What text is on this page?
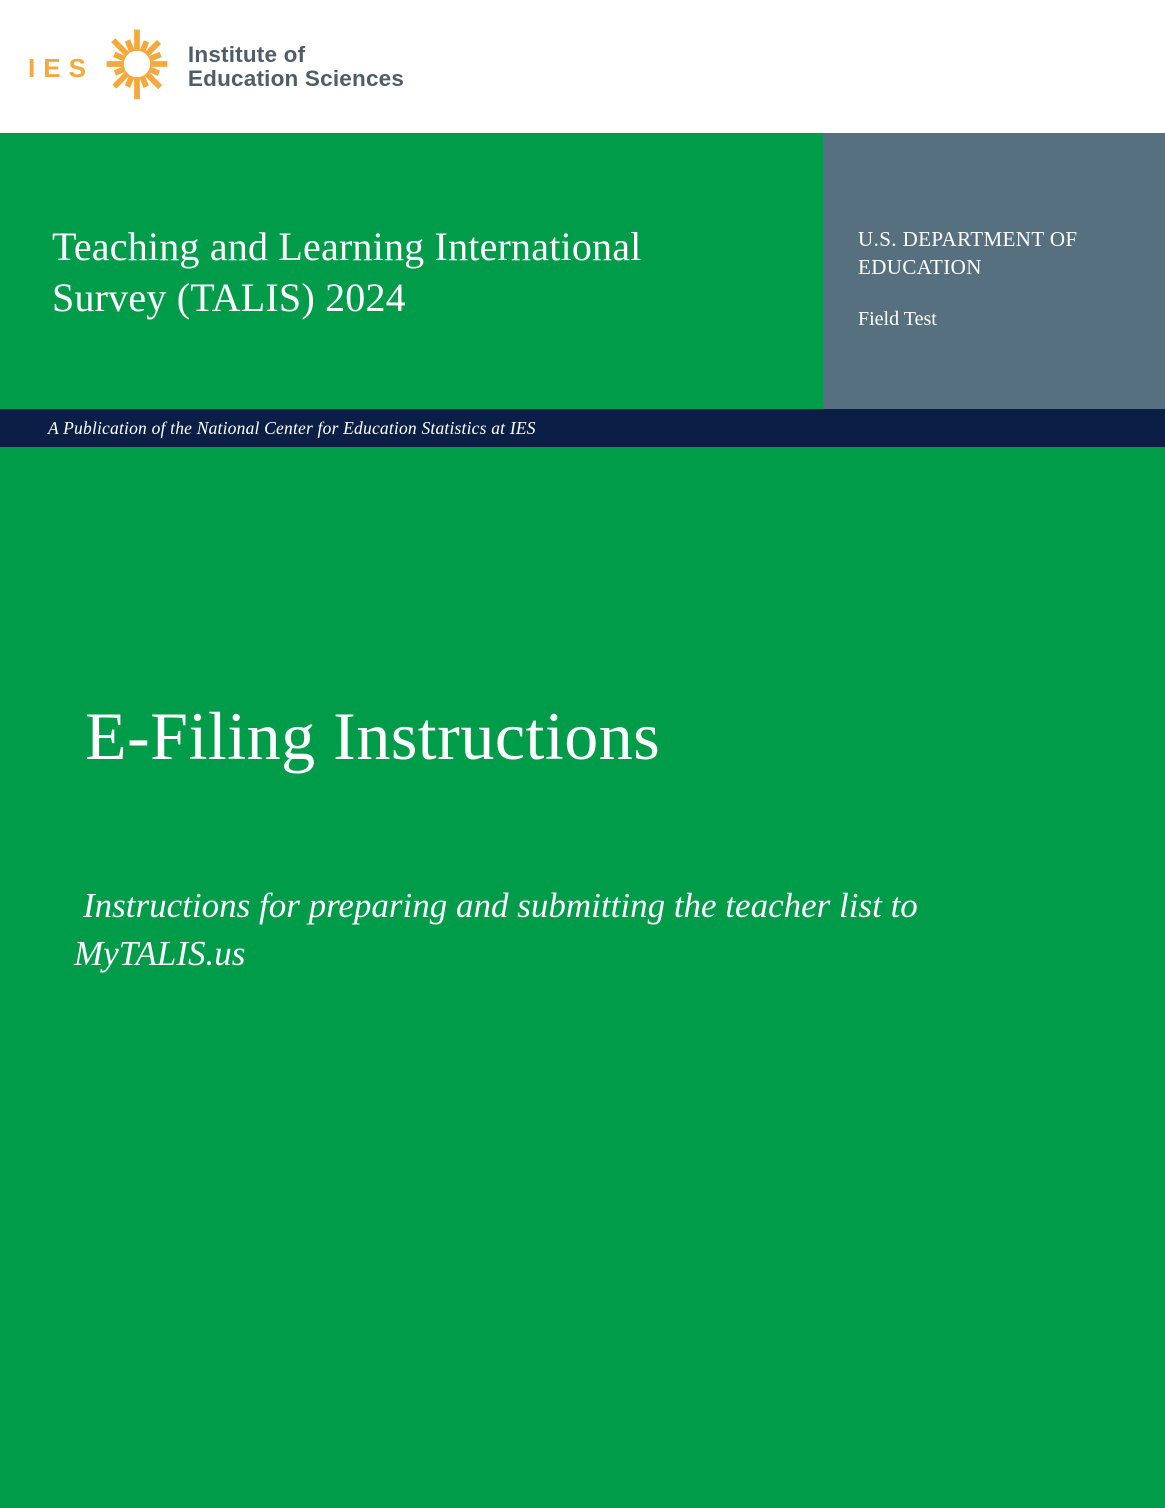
IES	Institute of
Education Sciences
Teaching and Learning International
Survey (TALIS) 2024

U.S. DEPARTMENT OF
EDUCATION

Field Test

A Publication of the National Center for Education Statistics at IES

E-Filing Instructions

Instructions for preparing and submitting the teacher list to
MyTALIS.us
